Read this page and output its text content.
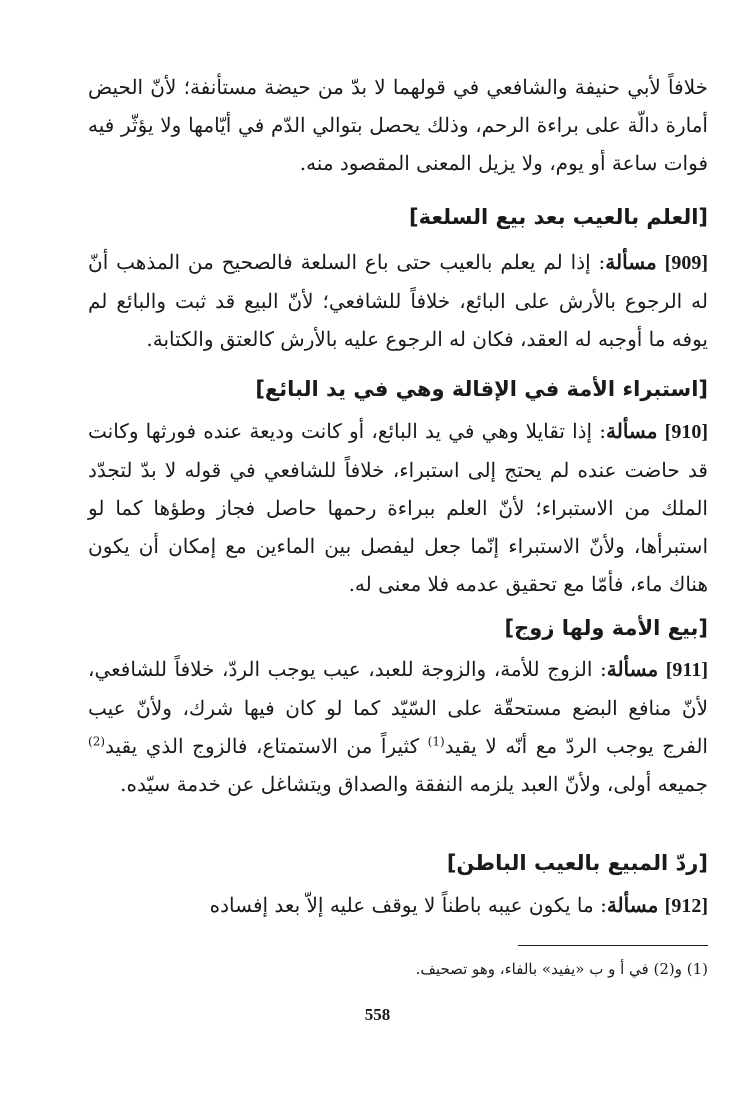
خلافاً لأبي حنيفة والشافعي في قولهما لا بدّ من حيضة مستأنفة؛ لأنّ الحيض أمارة دالّة على براءة الرحم، وذلك يحصل بتوالي الدّم في أيّامها ولا يؤثّر فيه فوات ساعة أو يوم، ولا يزيل المعنى المقصود منه.

[العلم بالعيب بعد بيع السلعة]

[909] مسألة: إذا لم يعلم بالعيب حتى باع السلعة فالصحيح من المذهب أنّ له الرجوع بالأرش على البائع، خلافاً للشافعي؛ لأنّ البيع قد ثبت والبائع لم يوفه ما أوجبه له العقد، فكان له الرجوع عليه بالأرش كالعتق والكتابة.

[استبراء الأمة في الإقالة وهي في يد البائع]

[910] مسألة: إذا تقايلا وهي في يد البائع، أو كانت وديعة عنده فورثها وكانت قد حاضت عنده لم يحتج إلى استبراء، خلافاً للشافعي في قوله لا بدّ لتجدّد الملك من الاستبراء؛ لأنّ العلم ببراءة رحمها حاصل فجاز وطؤها كما لو استبرأها، ولأنّ الاستبراء إنّما جعل ليفصل بين الماءين مع إمكان أن يكون هناك ماء، فأمّا مع تحقيق عدمه فلا معنى له.

[بيع الأمة ولها زوج]

[911] مسألة: الزوج للأمة، والزوجة للعبد، عيب يوجب الردّ، خلافاً للشافعي، لأنّ منافع البضع مستحقّة على السّيّد كما لو كان فيها شرك، ولأنّ عيب الفرج يوجب الردّ مع أنّه لا يقيد$^{(1)}$ كثيراً من الاستمتاع، فالزوج الذي يقيد$^{(2)}$ جميعه أولى، ولأنّ العبد يلزمه النفقة والصداق ويتشاغل عن خدمة سيّده.

[ردّ المبيع بالعيب الباطن]

[912] مسألة: ما يكون عيبه باطناً لا يوقف عليه إلاّ بعد إفساده

(1) و(2) في أ و ب «يفيد» بالفاء، وهو تصحيف.
558
